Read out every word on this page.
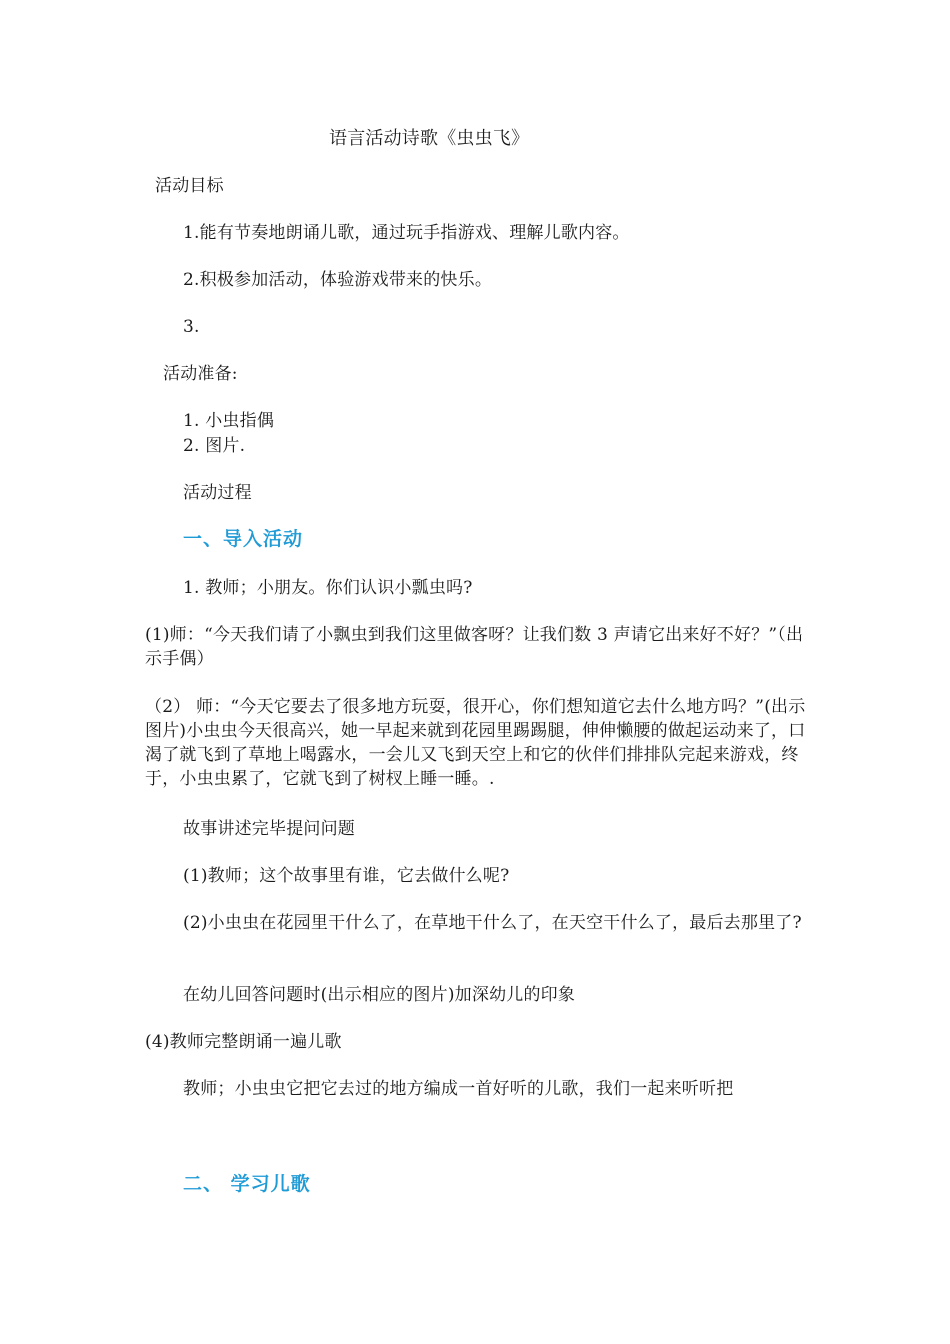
语言活动诗歌《虫虫飞》
活动目标
1.能有节奏地朗诵儿歌，通过玩手指游戏、理解儿歌内容。
2.积极参加活动，体验游戏带来的快乐。
3.
活动准备:
1. 小虫指偶
2. 图片.
活动过程
一、导入活动
1. 教师；小朋友。你们认识小瓢虫吗?
(1)师：“今天我们请了小飘虫到我们这里做客呀？让我们数 3 声请它出来好不好？”（出示手偶）
（2） 师：“今天它要去了很多地方玩耍，很开心，你们想知道它去什么地方吗？”(出示图片)小虫虫今天很高兴，她一早起来就到花园里踢踢腿，伸伸懒腰的做起运动来了，口渴了就飞到了草地上喝露水，一会儿又飞到天空上和它的伙伴们排排队完起来游戏，终于，小虫虫累了，它就飞到了树杈上睡一睡。.
故事讲述完毕提问问题
(1)教师；这个故事里有谁，它去做什么呢?
(2)小虫虫在花园里干什么了，在草地干什么了，在天空干什么了，最后去那里了?
在幼儿回答问题时(出示相应的图片)加深幼儿的印象
(4)教师完整朗诵一遍儿歌
教师；小虫虫它把它去过的地方编成一首好听的儿歌，我们一起来听听把
二、 学习儿歌
